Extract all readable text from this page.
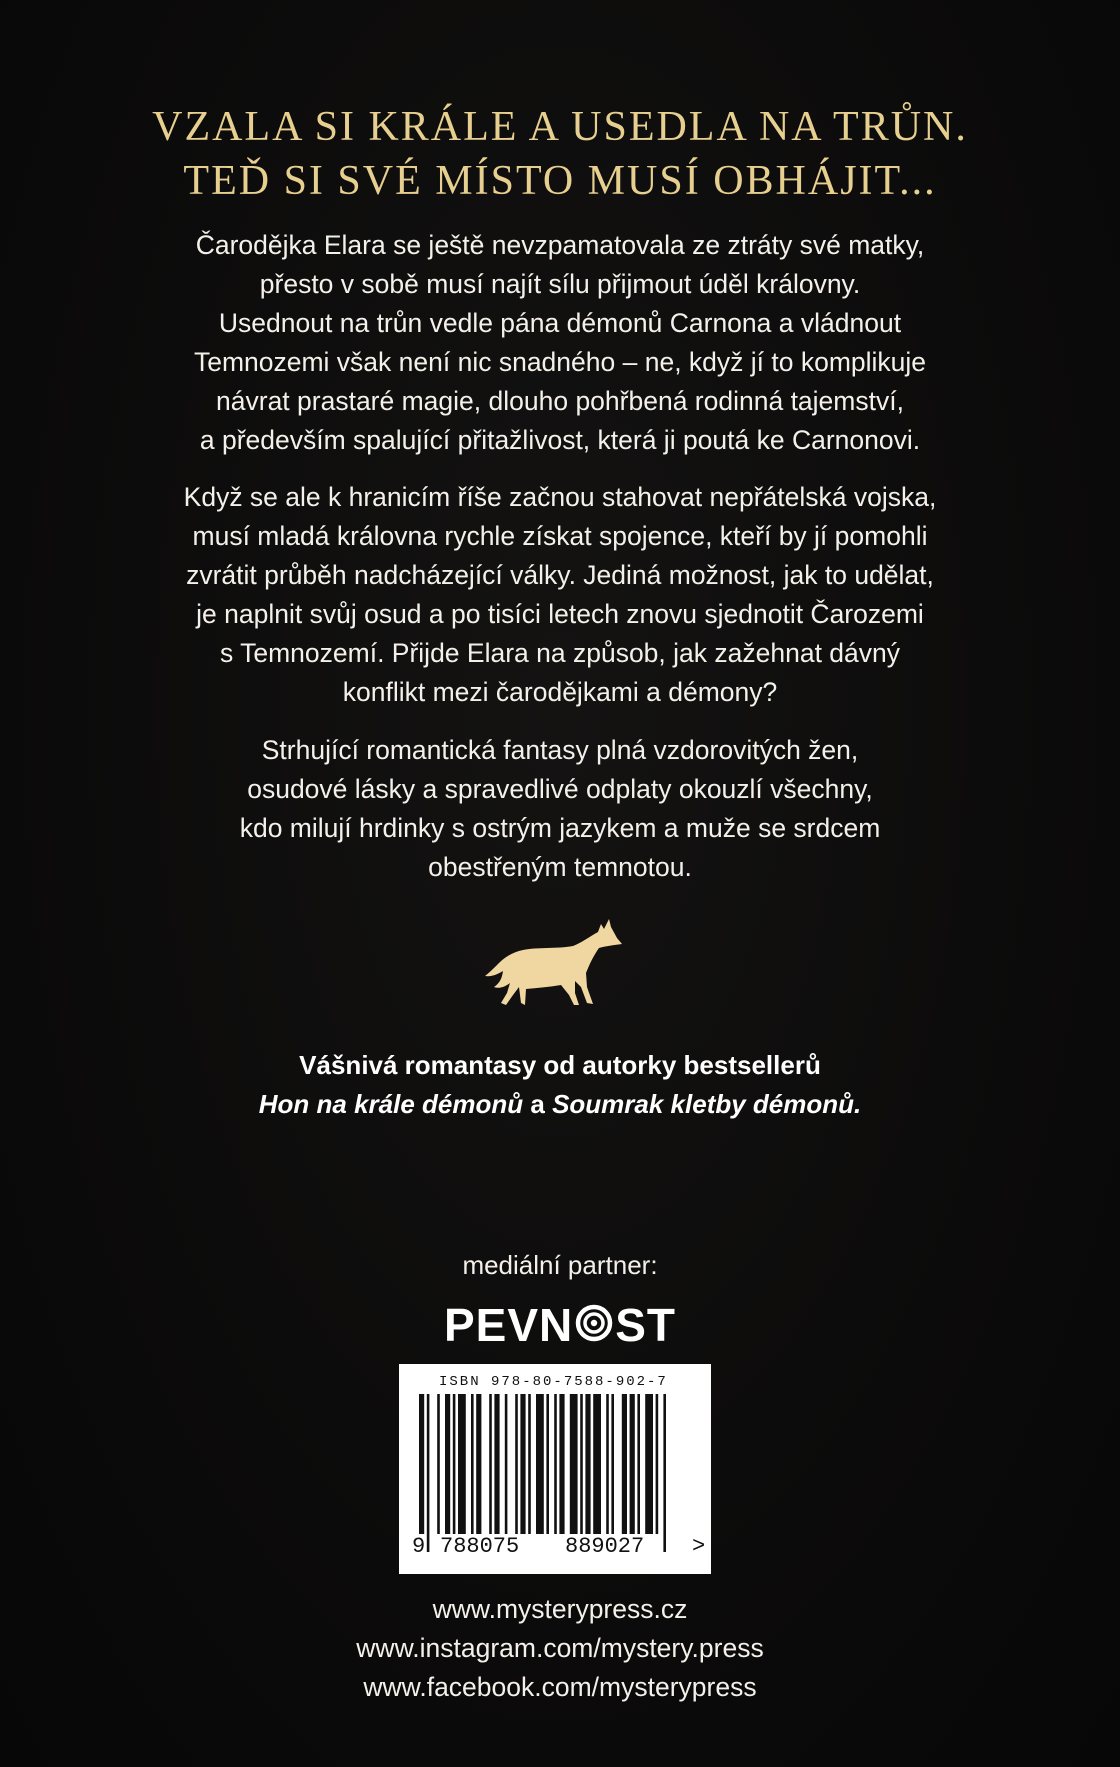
VZALA SI KRÁLE A USEDLA NA TRŮN.
TEĎ SI SVÉ MÍSTO MUSÍ OBHÁJIT...
Čarodějka Elara se ještě nevzpamatovala ze ztráty své matky,
přesto v sobě musí najít sílu přijmout úděl královny.
Usednout na trůn vedle pána démonů Carnona a vládnout
Temnozemi však není nic snadného – ne, když jí to komplikuje
návrat prastaré magie, dlouho pohřbená rodinná tajemství,
a především spalující přitažlivost, která ji poutá ke Carnonovi.
Když se ale k hranicím říše začnou stahovat nepřátelská vojska,
musí mladá královna rychle získat spojence, kteří by jí pomohli
zvrátit průběh nadcházející války. Jediná možnost, jak to udělat,
je naplnit svůj osud a po tisíci letech znovu sjednotit Čarozemi
s Temnozemí. Přijde Elara na způsob, jak zažehnat dávný
konflikt mezi čarodějkami a démony?
Strhující romantická fantasy plná vzdorovitých žen,
osudové lásky a spravedlivé odplaty okouzlí všechny,
kdo milují hrdinky s ostrým jazykem a muže se srdcem
obestřeným temnotou.
Vášnivá romantasy od autorky bestsellerů
Hon na krále démonů a Soumrak kletby démonů.
mediální partner:
PEVN ST
ISBN 978-80-7588-902-7
9 788075 889027 >
www.mysterypress.cz
www.instagram.com/mystery.press
www.facebook.com/mysterypress
